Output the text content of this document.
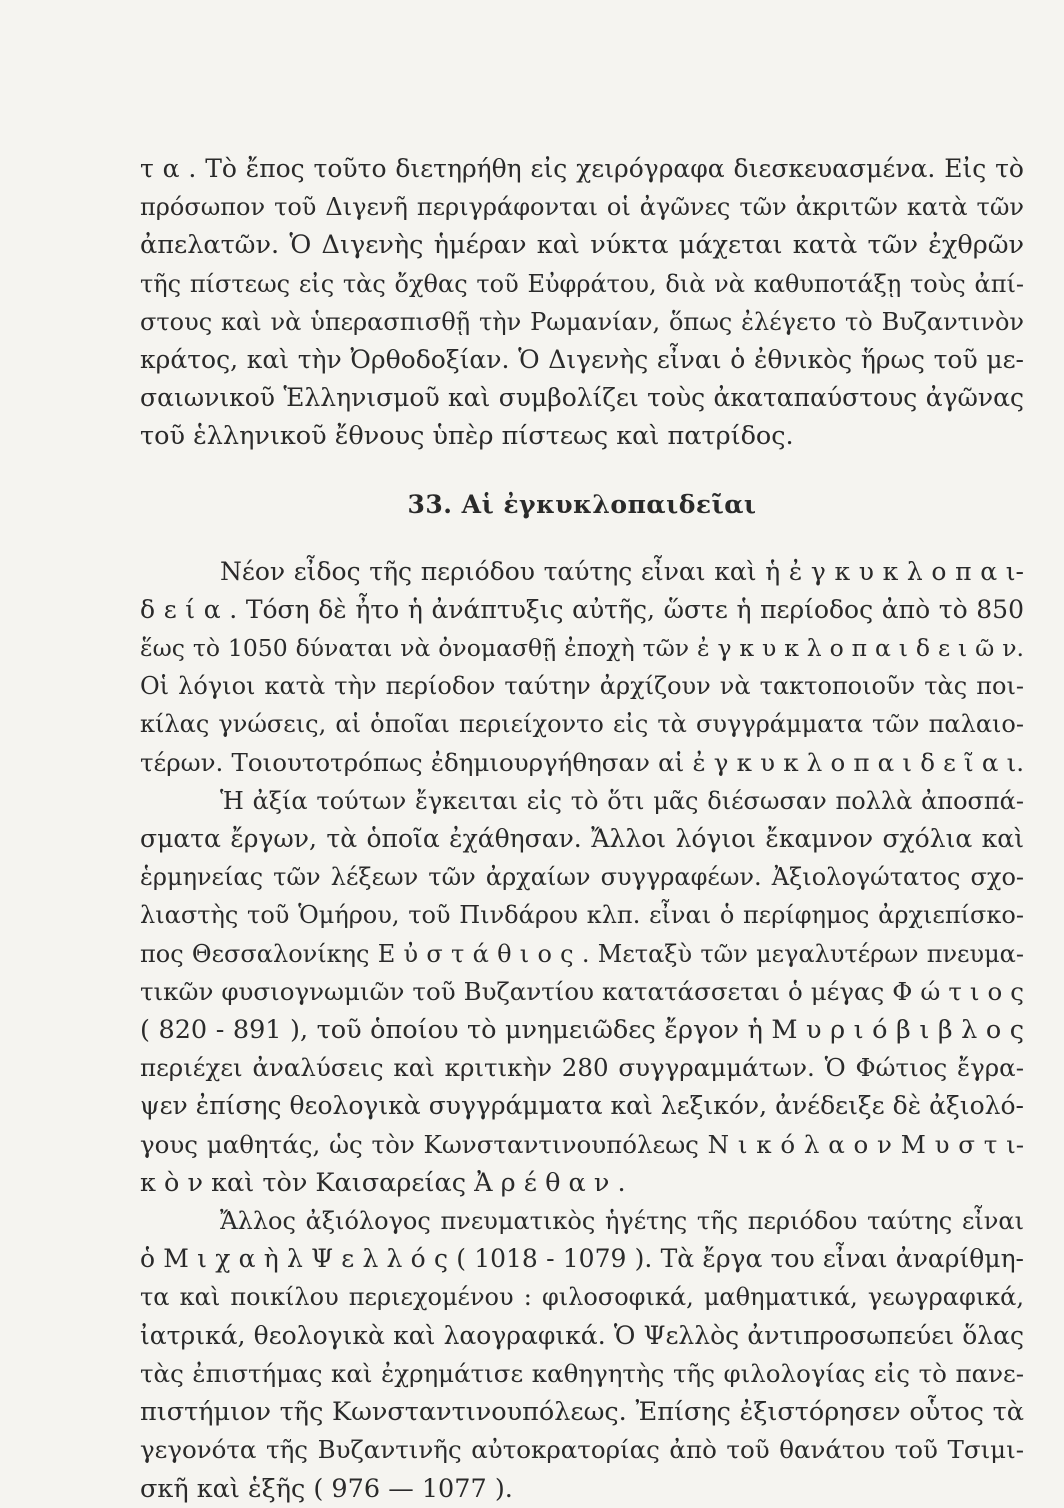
τ α . Τὸ ἔπος τοῦτο διετηρήθη εἰς χειρόγραφα διεσκευασμένα. Εἰς τὸ
πρόσωπον τοῦ Διγενῆ περιγράφονται οἱ ἀγῶνες τῶν ἀκριτῶν κατὰ τῶν
ἀπελατῶν. Ὁ Διγενὴς ἡμέραν καὶ νύκτα μάχεται κατὰ τῶν ἐχθρῶν
τῆς πίστεως εἰς τὰς ὄχθας τοῦ Εὐφράτου, διὰ νὰ καθυποτάξῃ τοὺς ἀπί-
στους καὶ νὰ ὑπερασπισθῇ τὴν Ρωμανίαν, ὅπως ἐλέγετο τὸ Βυζαντινὸν
κράτος, καὶ τὴν Ὀρθοδοξίαν. Ὁ Διγενὴς εἶναι ὁ ἐθνικὸς ἥρως τοῦ με-
σαιωνικοῦ Ἑλληνισμοῦ καὶ συμβολίζει τοὺς ἀκαταπαύστους ἀγῶνας
τοῦ ἑλληνικοῦ ἔθνους ὑπὲρ πίστεως καὶ πατρίδος.
33. Αἱ ἐγκυκλοπαιδεῖαι
Νέον εἶδος τῆς περιόδου ταύτης εἶναι καὶ ἡ ἐ γ κ υ κ λ ο π α ι-
δ ε ί α . Τόση δὲ ἦτο ἡ ἀνάπτυξις αὐτῆς, ὥστε ἡ περίοδος ἀπὸ τὸ 850
ἕως τὸ 1050 δύναται νὰ ὀνομασθῇ ἐποχὴ τῶν ἐ γ κ υ κ λ ο π α ι δ ε ι ῶ ν.
Οἱ λόγιοι κατὰ τὴν περίοδον ταύτην ἀρχίζουν νὰ τακτοποιοῦν τὰς ποι-
κίλας γνώσεις, αἱ ὁποῖαι περιείχοντο εἰς τὰ συγγράμματα τῶν παλαιο-
τέρων. Τοιουτοτρόπως ἐδημιουργήθησαν αἱ ἐ γ κ υ κ λ ο π α ι δ ε ῖ α ι.
Ἡ ἀξία τούτων ἔγκειται εἰς τὸ ὅτι μᾶς διέσωσαν πολλὰ ἀποσπά-
σματα ἔργων, τὰ ὁποῖα ἐχάθησαν. Ἄλλοι λόγιοι ἔκαμνον σχόλια καὶ
ἑρμηνείας τῶν λέξεων τῶν ἀρχαίων συγγραφέων. Ἀξιολογώτατος σχο-
λιαστὴς τοῦ Ὁμήρου, τοῦ Πινδάρου κλπ. εἶναι ὁ περίφημος ἀρχιεπίσκο-
πος Θεσσαλονίκης Ε ὐ σ τ ά θ ι ο ς . Μεταξὺ τῶν μεγαλυτέρων πνευμα-
τικῶν φυσιογνωμιῶν τοῦ Βυζαντίου κατατάσσεται ὁ μέγας Φ ώ τ ι ο ς
( 820 - 891 ), τοῦ ὁποίου τὸ μνημειῶδες ἔργον ἡ Μ υ ρ ι ό β ι β λ ο ς
περιέχει ἀναλύσεις καὶ κριτικὴν 280 συγγραμμάτων. Ὁ Φώτιος ἔγρα-
ψεν ἐπίσης θεολογικὰ συγγράμματα καὶ λεξικόν, ἀνέδειξε δὲ ἀξιολό-
γους μαθητάς, ὡς τὸν Κωνσταντινουπόλεως Ν ι κ ό λ α ο ν Μ υ σ τ ι-
κ ὸ ν καὶ τὸν Καισαρείας Ἀ ρ έ θ α ν .
Ἄλλος ἀξιόλογος πνευματικὸς ἡγέτης τῆς περιόδου ταύτης εἶναι
ὁ Μ ι χ α ὴ λ Ψ ε λ λ ό ς ( 1018 - 1079 ). Τὰ ἔργα του εἶναι ἀναρίθμη-
τα καὶ ποικίλου περιεχομένου : φιλοσοφικά, μαθηματικά, γεωγραφικά,
ἰατρικά, θεολογικὰ καὶ λαογραφικά. Ὁ Ψελλὸς ἀντιπροσωπεύει ὅλας
τὰς ἐπιστήμας καὶ ἐχρημάτισε καθηγητὴς τῆς φιλολογίας εἰς τὸ πανε-
πιστήμιον τῆς Κωνσταντινουπόλεως. Ἐπίσης ἐξιστόρησεν οὗτος τὰ
γεγονότα τῆς Βυζαντινῆς αὐτοκρατορίας ἀπὸ τοῦ θανάτου τοῦ Τσιμι-
σκῆ καὶ ἑξῆς ( 976 — 1077 ).
